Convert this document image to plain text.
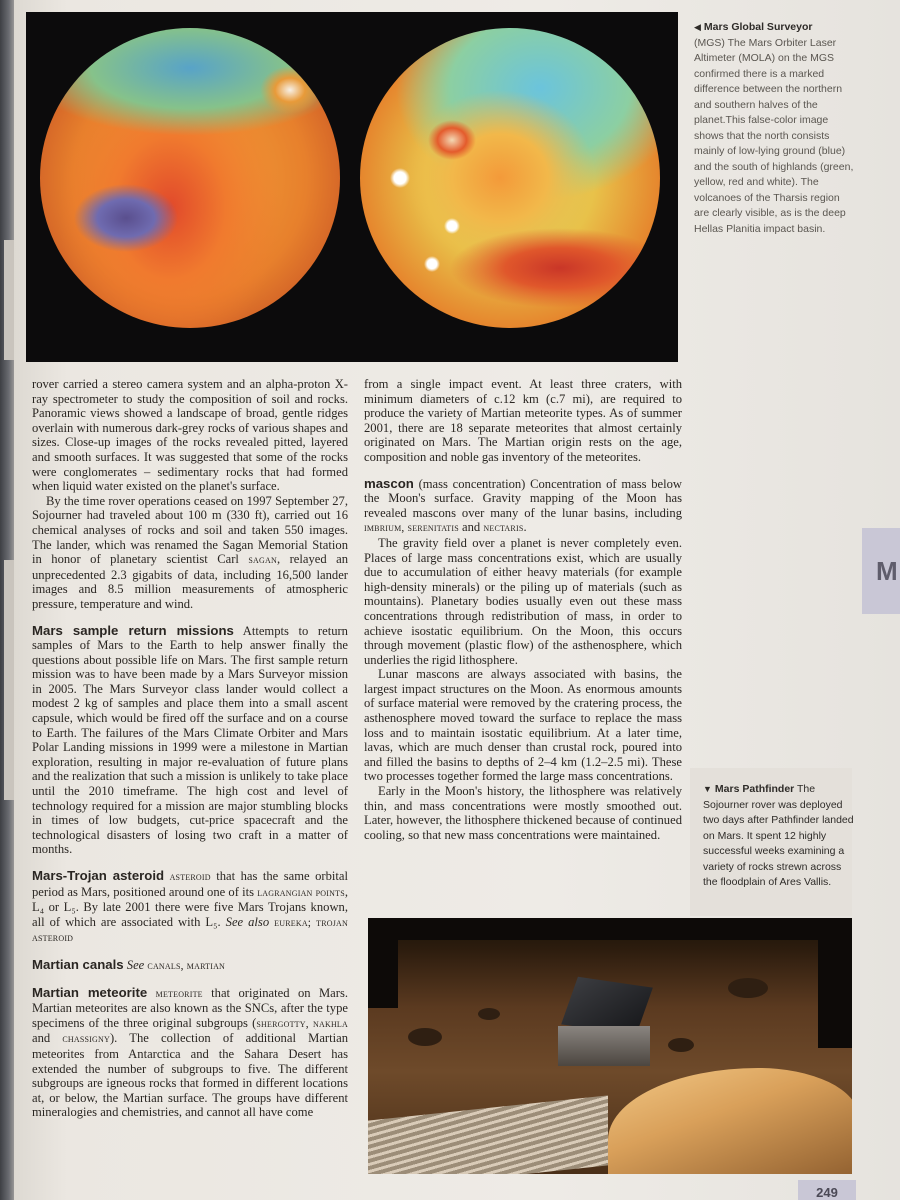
◀ Mars Global Surveyor
(MGS) The Mars Orbiter Laser Altimeter (MOLA) on the MGS confirmed there is a marked difference between the northern and southern halves of the planet.This false-color image shows that the north consists mainly of low-lying ground (blue) and the south of highlands (green, yellow, red and white). The volcanoes of the Tharsis region are clearly visible, as is the deep Hellas Planitia impact basin.
M

rover carried a stereo camera system and an alpha-proton X-ray spectrometer to study the composition of soil and rocks. Panoramic views showed a landscape of broad, gentle ridges overlain with numerous dark-grey rocks of various shapes and sizes. Close-up images of the rocks revealed pitted, layered and smooth surfaces. It was suggested that some of the rocks were conglomerates – sedimentary rocks that had formed when liquid water existed on the planet's surface.

By the time rover operations ceased on 1997 September 27, Sojourner had traveled about 100 m (330 ft), carried out 16 chemical analyses of rocks and soil and taken 550 images. The lander, which was renamed the Sagan Memorial Station in honor of planetary scientist Carl sagan, relayed an unprecedented 2.3 gigabits of data, including 16,500 lander images and 8.5 million measurements of atmospheric pressure, temperature and wind.

Mars sample return missions Attempts to return samples of Mars to the Earth to help answer finally the questions about possible life on Mars. The first sample return mission was to have been made by a Mars Surveyor mission in 2005. The Mars Surveyor class lander would collect a modest 2 kg of samples and place them into a small ascent capsule, which would be fired off the surface and on a course to Earth. The failures of the Mars Climate Orbiter and Mars Polar Landing missions in 1999 were a milestone in Martian exploration, resulting in major re-evaluation of future plans and the realization that such a mission is unlikely to take place until the 2010 timeframe. The high cost and level of technology required for a mission are major stumbling blocks in times of low budgets, cut-price spacecraft and the technological disasters of losing two craft in a matter of months.

Mars-Trojan asteroid asteroid that has the same orbital period as Mars, positioned around one of its lagrangian points, L₄ or L₅. By late 2001 there were five Mars Trojans known, all of which are associated with L₅. See also eureka; trojan asteroid

Martian canals See canals, martian

Martian meteorite meteorite that originated on Mars. Martian meteorites are also known as the SNCs, after the type specimens of the three original subgroups (shergotty, nakhla and chassigny). The collection of additional Martian meteorites from Antarctica and the Sahara Desert has extended the number of subgroups to five. The different subgroups are igneous rocks that formed in different locations at, or below, the Martian surface. The groups have different mineralogies and chemistries, and cannot all have come

from a single impact event. At least three craters, with minimum diameters of c.12 km (c.7 mi), are required to produce the variety of Martian meteorite types. As of summer 2001, there are 18 separate meteorites that almost certainly originated on Mars. The Martian origin rests on the age, composition and noble gas inventory of the meteorites.

mascon (mass concentration) Concentration of mass below the Moon's surface. Gravity mapping of the Moon has revealed mascons over many of the lunar basins, including imbrium, serenitatis and nectaris.

The gravity field over a planet is never completely even. Places of large mass concentrations exist, which are usually due to accumulation of either heavy materials (for example high-density minerals) or the piling up of materials (such as mountains). Planetary bodies usually even out these mass concentrations through redistribution of mass, in order to achieve isostatic equilibrium. On the Moon, this occurs through movement (plastic flow) of the asthenosphere, which underlies the rigid lithosphere.

Lunar mascons are always associated with basins, the largest impact structures on the Moon. As enormous amounts of surface material were removed by the cratering process, the asthenosphere moved toward the surface to replace the mass loss and to maintain isostatic equilibrium. At a later time, lavas, which are much denser than crustal rock, poured into and filled the basins to depths of 2–4 km (1.2–2.5 mi). These two processes together formed the large mass concentrations.

Early in the Moon's history, the lithosphere was relatively thin, and mass concentrations were mostly smoothed out. Later, however, the lithosphere thickened because of continued cooling, so that new mass concentrations were maintained.

▼ Mars Pathfinder The Sojourner rover was deployed two days after Pathfinder landed on Mars. It spent 12 highly successful weeks examining a variety of rocks strewn across the floodplain of Ares Vallis.
249
